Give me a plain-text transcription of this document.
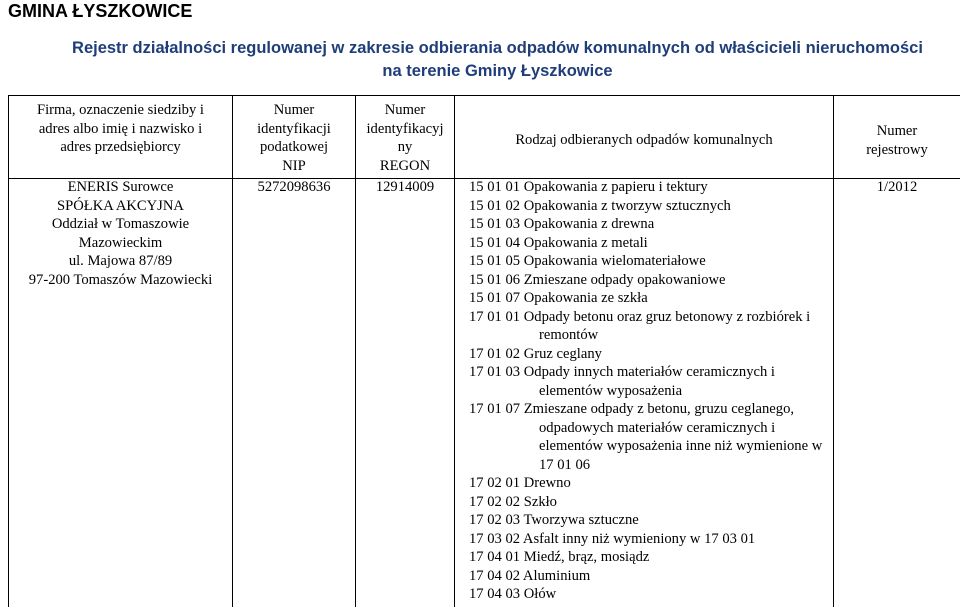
GMINA ŁYSZKOWICE
Rejestr działalności regulowanej w zakresie odbierania odpadów komunalnych od właścicieli nieruchomości
na terenie Gminy Łyszkowice
Firma, oznaczenie siedziby i
adres albo imię i nazwisko i
adres przedsiębiorcy
Numer
identyfikacji
podatkowej
NIP
Numer
identyfikacyj
ny
REGON
Rodzaj odbieranych odpadów komunalnych
Numer
rejestrowy
ENERIS Surowce
SPÓŁKA AKCYJNA
Oddział w Tomaszowie
Mazowieckim
ul. Majowa 87/89
97-200 Tomaszów Mazowiecki
5272098636	12914009	1/2012
15 01 01 Opakowania z papieru i tektury
15 01 02 Opakowania z tworzyw sztucznych
15 01 03 Opakowania z drewna
15 01 04 Opakowania z metali
15 01 05 Opakowania wielomateriałowe
15 01 06 Zmieszane odpady opakowaniowe
15 01 07 Opakowania ze szkła
17 01 01 Odpady betonu oraz gruz betonowy z rozbiórek i
remontów
17 01 02 Gruz ceglany
17 01 03 Odpady innych materiałów ceramicznych i
elementów wyposażenia
17 01 07 Zmieszane odpady z betonu, gruzu ceglanego,
odpadowych materiałów ceramicznych i
elementów wyposażenia inne niż wymienione w
17 01 06
17 02 01 Drewno
17 02 02 Szkło
17 02 03 Tworzywa sztuczne
17 03 02 Asfalt inny niż wymieniony w 17 03 01
17 04 01 Miedź, brąz, mosiądz
17 04 02 Aluminium
17 04 03 Ołów
